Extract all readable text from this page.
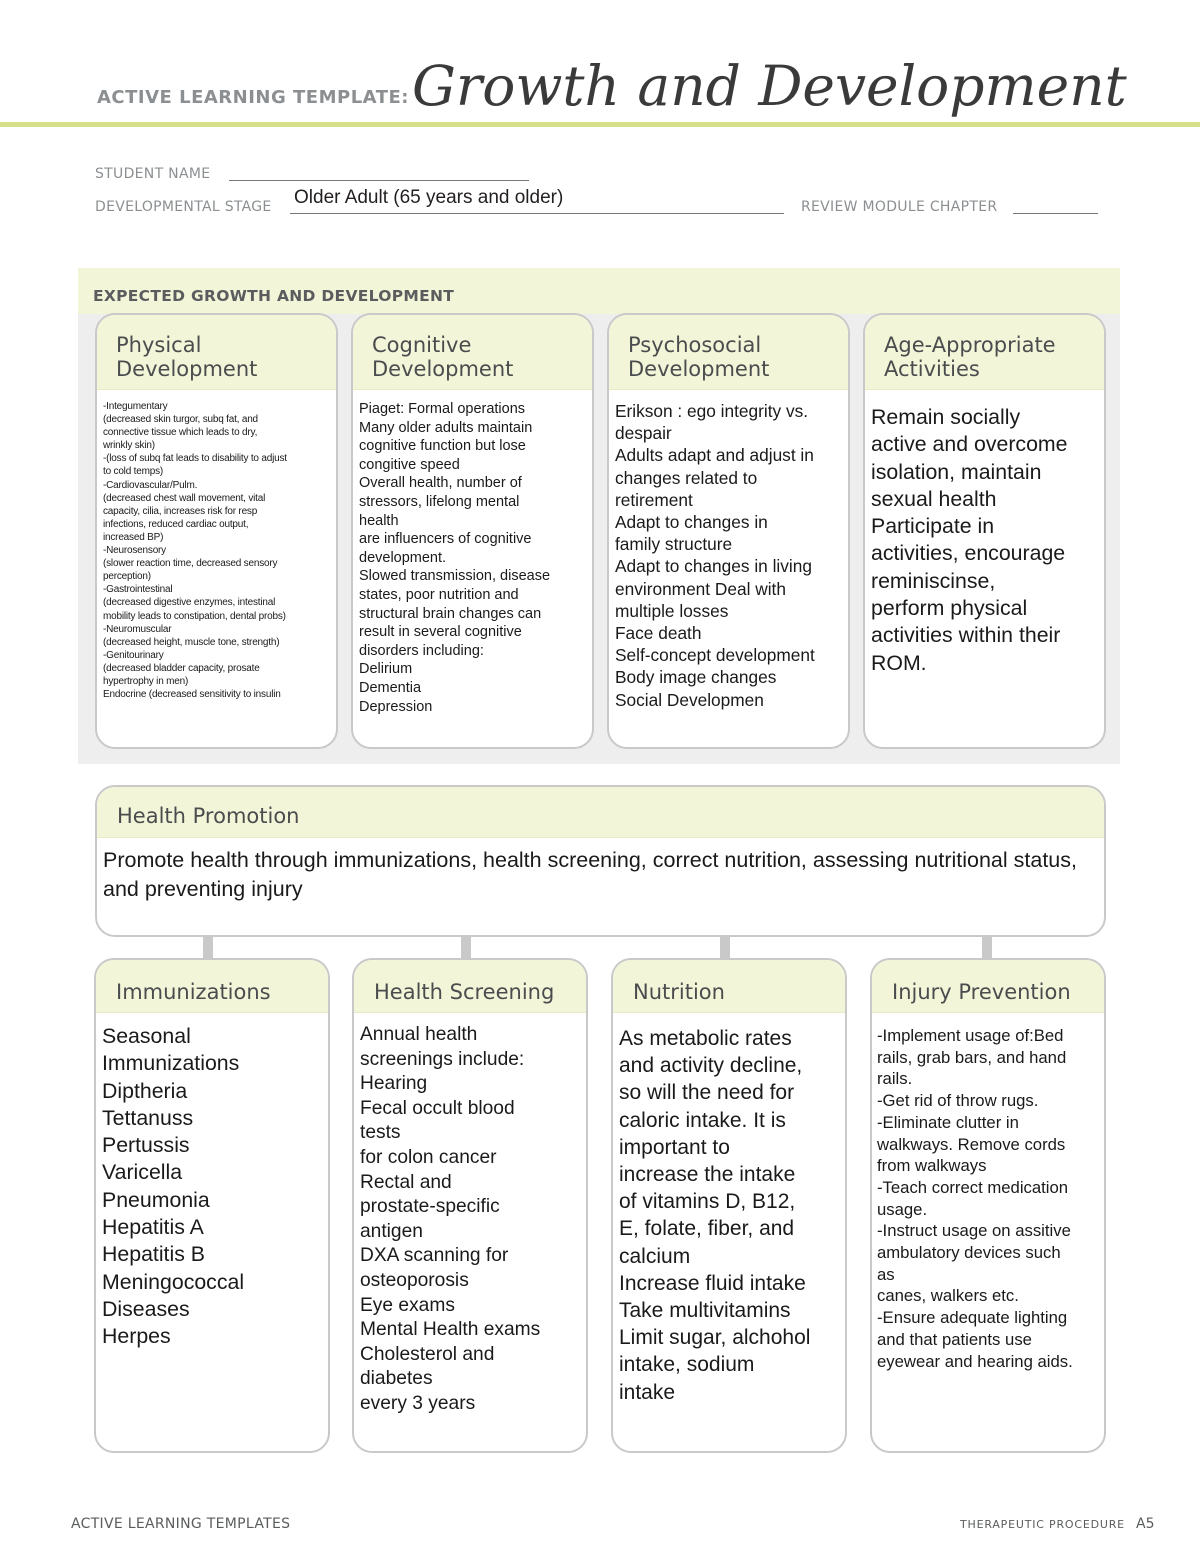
ACTIVE LEARNING TEMPLATE: Growth and Development
STUDENT NAME
DEVELOPMENTAL STAGE Older Adult (65 years and older)	REVIEW MODULE CHAPTER
EXPECTED GROWTH AND DEVELOPMENT
Physical
Development
-Integumentary
(decreased skin turgor, subq fat, and
connective tissue which leads to dry,
wrinkly skin)
-(loss of subq fat leads to disability to adjust
to cold temps)
-Cardiovascular/Pulm.
(decreased chest wall movement, vital
capacity, cilia, increases risk for resp
infections, reduced cardiac output,
increased BP)
-Neurosensory
(slower reaction time, decreased sensory
perception)
-Gastrointestinal
(decreased digestive enzymes, intestinal
mobility leads to constipation, dental probs)
-Neuromuscular
(decreased height, muscle tone, strength)
-Genitourinary
(decreased bladder capacity, prosate
hypertrophy in men)
Endocrine (decreased sensitivity to insulin
Cognitive
Development
Piaget: Formal operations
Many older adults maintain
cognitive function but lose
congitive speed
Overall health, number of
stressors, lifelong mental
health
are influencers of cognitive
development.
Slowed transmission, disease
states, poor nutrition and
structural brain changes can
result in several cognitive
disorders including:
Delirium
Dementia
Depression
Psychosocial
Development
Erikson : ego integrity vs.
despair
Adults adapt and adjust in
changes related to
retirement
Adapt to changes in
family structure
Adapt to changes in living
environment Deal with
multiple losses
Face death
Self-concept development
Body image changes
Social Developmen
Age-Appropriate
Activities
Remain socially
active and overcome
isolation, maintain
sexual health
Participate in
activities, encourage
reminiscinse,
perform physical
activities within their
ROM.
Health Promotion
Promote health through immunizations, health screening, correct nutrition, assessing nutritional status, and preventing injury
Immunizations
Seasonal
Immunizations
Diptheria
Tettanuss
Pertussis
Varicella
Pneumonia
Hepatitis A
Hepatitis B
Meningococcal
Diseases
Herpes
Health Screening
Annual health
screenings include:
Hearing
Fecal occult blood
tests
for colon cancer
Rectal and
prostate-specific
antigen
DXA scanning for
osteoporosis
Eye exams
Mental Health exams
Cholesterol and
diabetes
every 3 years
Nutrition
As metabolic rates
and activity decline,
so will the need for
caloric intake. It is
important to
increase the intake
of vitamins D, B12,
E, folate, fiber, and
calcium
Increase fluid intake
Take multivitamins
Limit sugar, alchohol
intake, sodium
intake
Injury Prevention
-Implement usage of:Bed
rails, grab bars, and hand
rails.
-Get rid of throw rugs.
-Eliminate clutter in
walkways. Remove cords
from walkways
-Teach correct medication
usage.
-Instruct usage on assitive
ambulatory devices such
as
canes, walkers etc.
-Ensure adequate lighting
and that patients use
eyewear and hearing aids.
ACTIVE LEARNING TEMPLATES	THERAPEUTIC PROCEDURE A5
